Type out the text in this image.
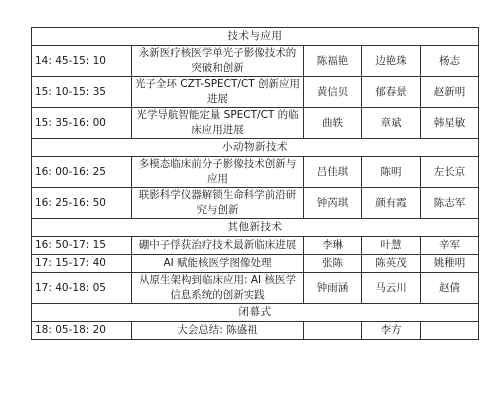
技术与应用				
14: 45-15: 10	永新医疗核医学单光子影像技术的突破和创新	陈福艳	边艳珠	杨志
15: 10-15: 35	光子全环 CZT-SPECT/CT 创新应用进展	黄信贝	郁春景	赵新明
15: 35-16: 00	光学导航智能定量 SPECT/CT 的临床应用进展	曲轶	章斌	韩星敏
小动物新技术				
16: 00-16: 25	多模态临床前分子影像技术创新与应用	吕佳琪	陈明	左长京
16: 25-16: 50	联影科学仪器解锁生命科学前沿研究与创新	钟芮琪	颜有霞	陈志军
其他新技术				
16: 50-17: 15	硼中子俘获治疗技术最新临床进展	李琳	叶慧	辛军
17: 15-17: 40	AI 赋能核医学图像处理	张陈	陈英茂	姚稚明
17: 40-18: 05	从原生架构到临床应用: AI 核医学信息系统的创新实践	钟雨涵	马云川	赵倩
闭幕式				
18: 05-18: 20	大会总结: 陈盛祖		李方	
